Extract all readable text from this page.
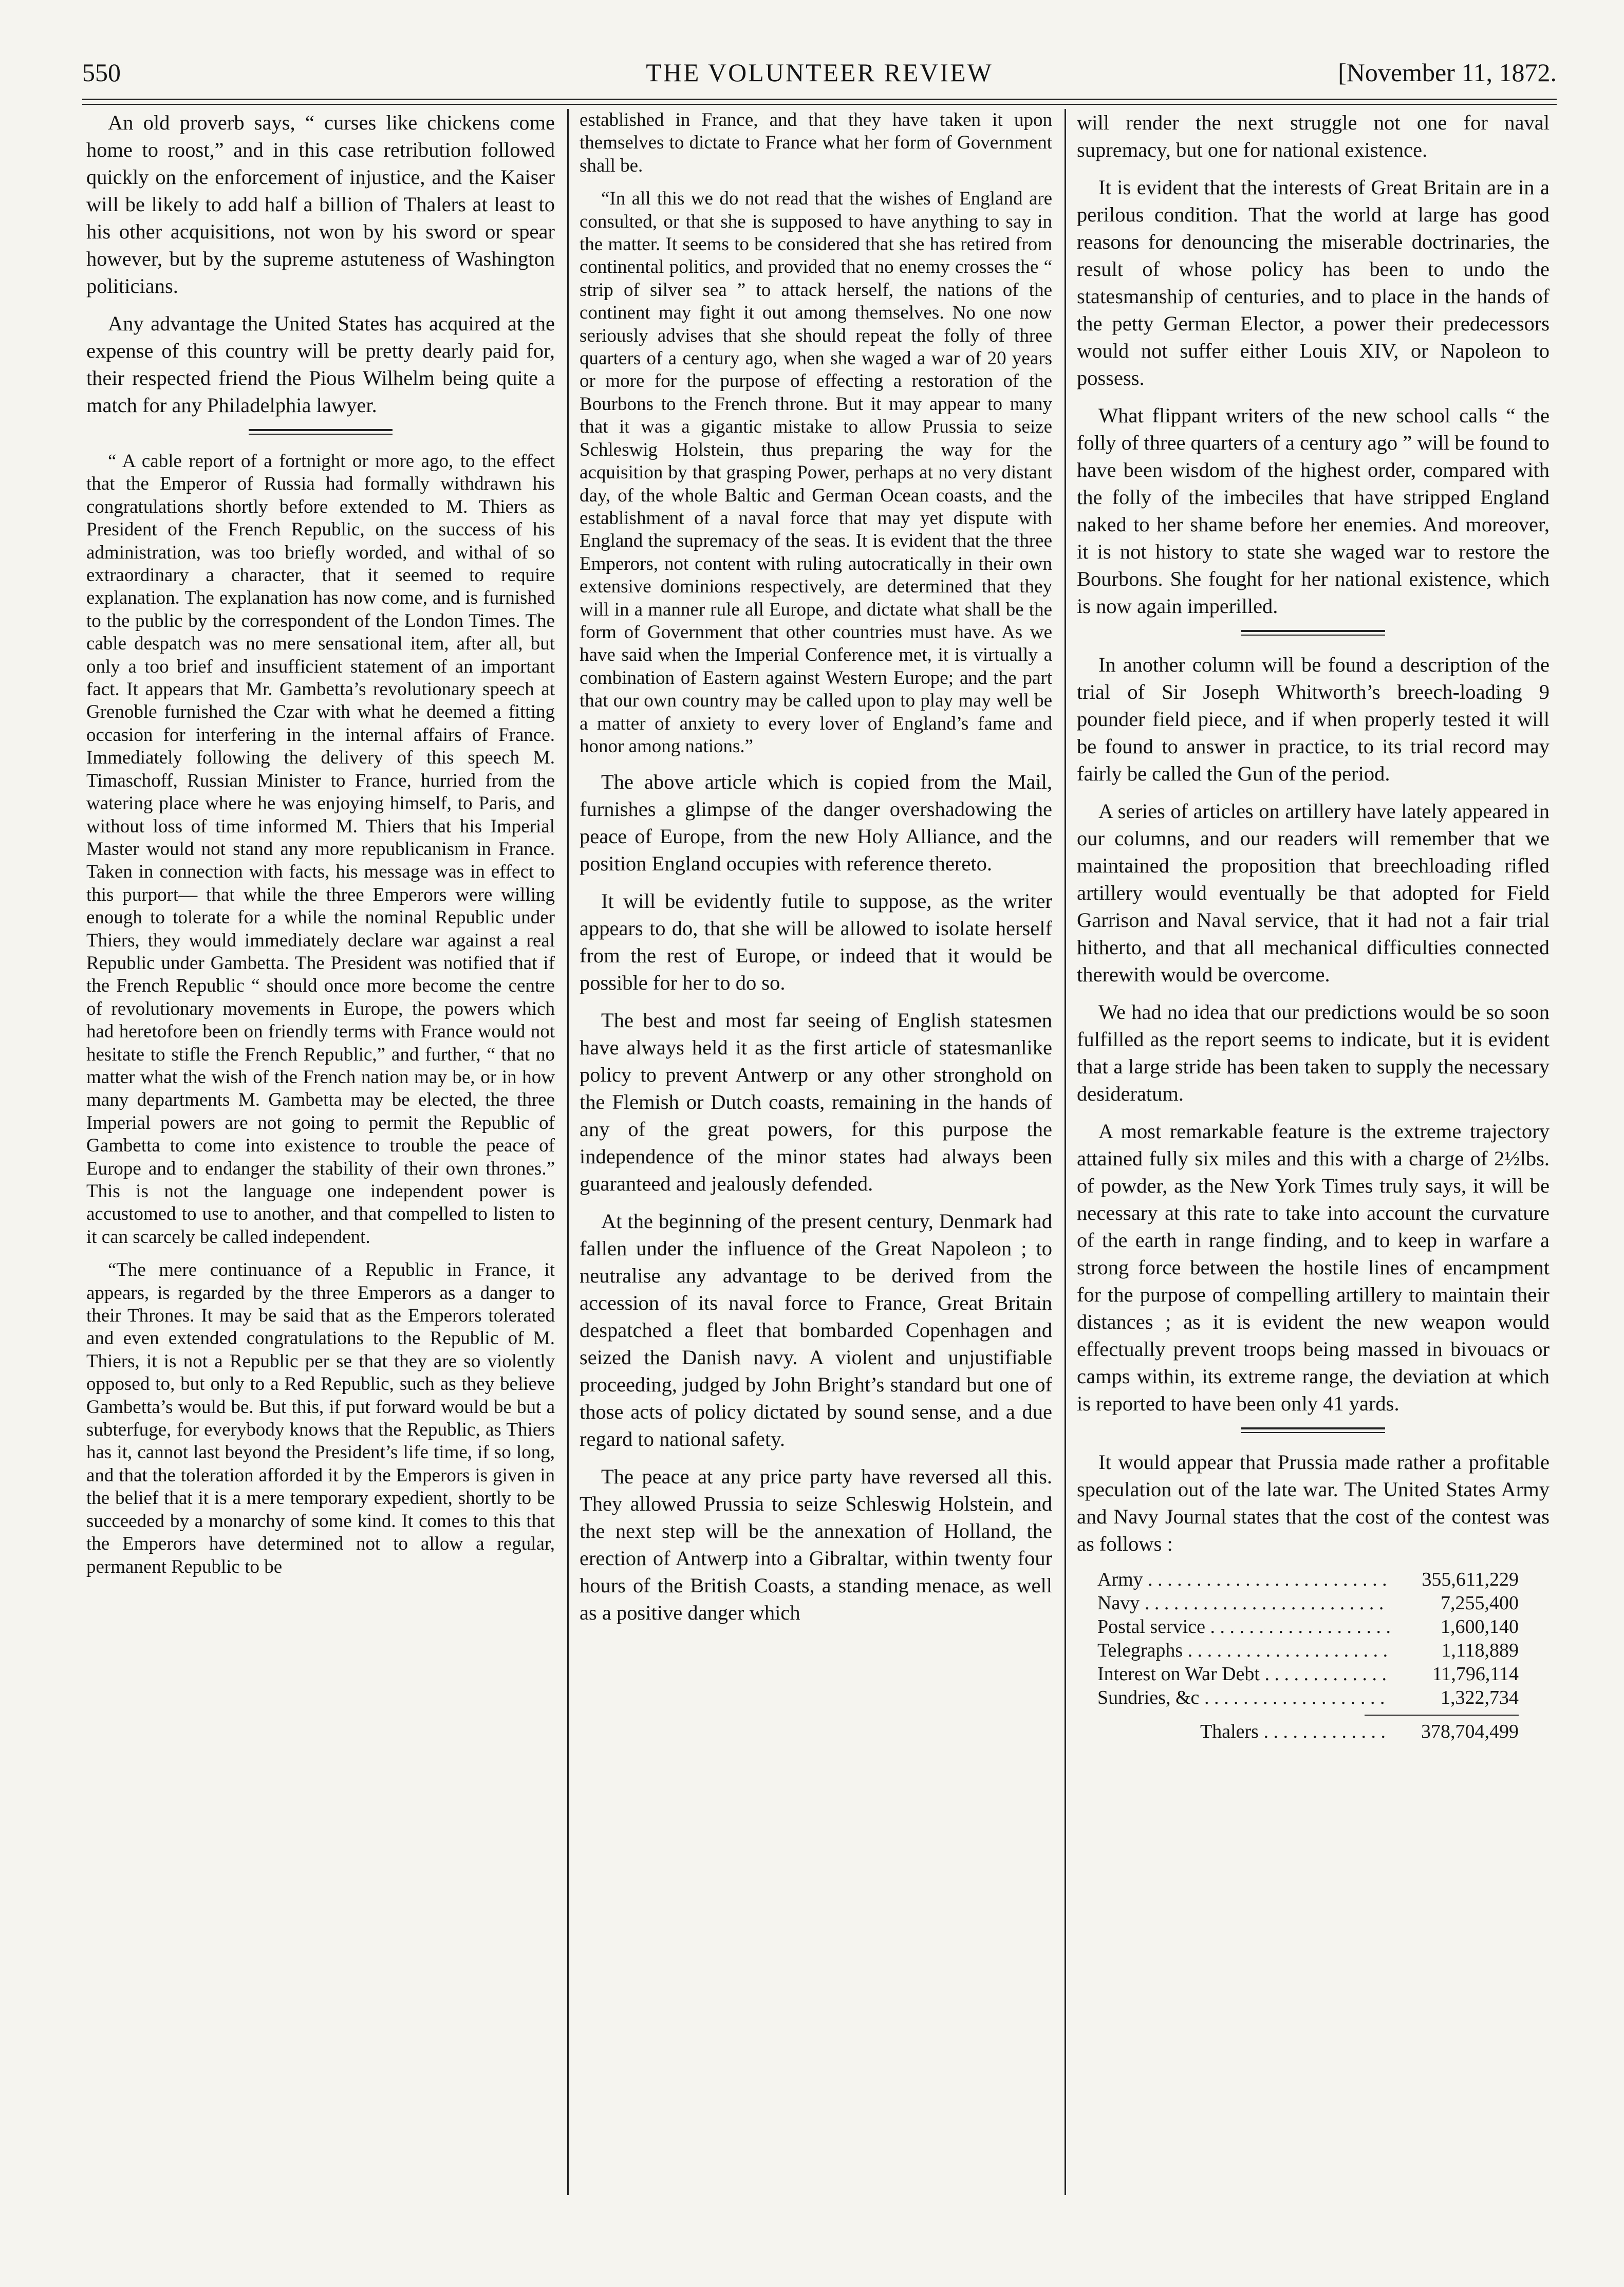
550	THE VOLUNTEER REVIEW	[November 11, 1872.

An old proverb says, “ curses like chickens come home to roost,” and in this case retribution followed quickly on the enforcement of injustice, and the Kaiser will be likely to add half a billion of Thalers at least to his other acquisitions, not won by his sword or spear however, but by the supreme astuteness of Washington politicians.

Any advantage the United States has acquired at the expense of this country will be pretty dearly paid for, their respected friend the Pious Wilhelm being quite a match for any Philadelphia lawyer.

“ A cable report of a fortnight or more ago, to the effect that the Emperor of Russia had formally withdrawn his congratulations shortly before extended to M. Thiers as President of the French Republic, on the success of his administration, was too briefly worded, and withal of so extraordinary a character, that it seemed to require explanation. The explanation has now come, and is furnished to the public by the correspondent of the London Times. The cable despatch was no mere sensational item, after all, but only a too brief and insufficient statement of an important fact. It appears that Mr. Gambetta’s revolutionary speech at Grenoble furnished the Czar with what he deemed a fitting occasion for interfering in the internal affairs of France. Immediately following the delivery of this speech M. Timaschoff, Russian Minister to France, hurried from the watering place where he was enjoying himself, to Paris, and without loss of time informed M. Thiers that his Imperial Master would not stand any more republicanism in France. Taken in connection with facts, his message was in effect to this purport— that while the three Emperors were willing enough to tolerate for a while the nominal Republic under Thiers, they would immediately declare war against a real Republic under Gambetta. The President was notified that if the French Republic “ should once more become the centre of revolutionary movements in Europe, the powers which had heretofore been on friendly terms with France would not hesitate to stifle the French Republic,” and further, “ that no matter what the wish of the French nation may be, or in how many departments M. Gambetta may be elected, the three Imperial powers are not going to permit the Republic of Gambetta to come into existence to trouble the peace of Europe and to endanger the stability of their own thrones.” This is not the language one independent power is accustomed to use to another, and that compelled to listen to it can scarcely be called independent.

“The mere continuance of a Republic in France, it appears, is regarded by the three Emperors as a danger to their Thrones. It may be said that as the Emperors tolerated and even extended congratulations to the Republic of M. Thiers, it is not a Republic per se that they are so violently opposed to, but only to a Red Republic, such as they believe Gambetta’s would be. But this, if put forward would be but a subterfuge, for everybody knows that the Republic, as Thiers has it, cannot last beyond the President’s life time, if so long, and that the toleration afforded it by the Emperors is given in the belief that it is a mere temporary expedient, shortly to be succeeded by a monarchy of some kind. It comes to this that the Emperors have determined not to allow a regular, permanent Republic to be

established in France, and that they have taken it upon themselves to dictate to France what her form of Government shall be.

“In all this we do not read that the wishes of England are consulted, or that she is supposed to have anything to say in the matter. It seems to be considered that she has retired from continental politics, and provided that no enemy crosses the “ strip of silver sea ” to attack herself, the nations of the continent may fight it out among themselves. No one now seriously advises that she should repeat the folly of three quarters of a century ago, when she waged a war of 20 years or more for the purpose of effecting a restoration of the Bourbons to the French throne. But it may appear to many that it was a gigantic mistake to allow Prussia to seize Schleswig Holstein, thus preparing the way for the acquisition by that grasping Power, perhaps at no very distant day, of the whole Baltic and German Ocean coasts, and the establishment of a naval force that may yet dispute with England the supremacy of the seas. It is evident that the three Emperors, not content with ruling autocratically in their own extensive dominions respectively, are determined that they will in a manner rule all Europe, and dictate what shall be the form of Government that other countries must have. As we have said when the Imperial Conference met, it is virtually a combination of Eastern against Western Europe; and the part that our own country may be called upon to play may well be a matter of anxiety to every lover of England’s fame and honor among nations.”

The above article which is copied from the Mail, furnishes a glimpse of the danger overshadowing the peace of Europe, from the new Holy Alliance, and the position England occupies with reference thereto.

It will be evidently futile to suppose, as the writer appears to do, that she will be allowed to isolate herself from the rest of Europe, or indeed that it would be possible for her to do so.

The best and most far seeing of English statesmen have always held it as the first article of statesmanlike policy to prevent Antwerp or any other stronghold on the Flemish or Dutch coasts, remaining in the hands of any of the great powers, for this purpose the independence of the minor states had always been guaranteed and jealously defended.

At the beginning of the present century, Denmark had fallen under the influence of the Great Napoleon ; to neutralise any advantage to be derived from the accession of its naval force to France, Great Britain despatched a fleet that bombarded Copenhagen and seized the Danish navy. A violent and unjustifiable proceeding, judged by John Bright’s standard but one of those acts of policy dictated by sound sense, and a due regard to national safety.

The peace at any price party have reversed all this. They allowed Prussia to seize Schleswig Holstein, and the next step will be the annexation of Holland, the erection of Antwerp into a Gibraltar, within twenty four hours of the British Coasts, a standing menace, as well as a positive danger which

will render the next struggle not one for naval supremacy, but one for national existence.

It is evident that the interests of Great Britain are in a perilous condition. That the world at large has good reasons for denouncing the miserable doctrinaries, the result of whose policy has been to undo the statesmanship of centuries, and to place in the hands of the petty German Elector, a power their predecessors would not suffer either Louis XIV, or Napoleon to possess.

What flippant writers of the new school calls “ the folly of three quarters of a century ago ” will be found to have been wisdom of the highest order, compared with the folly of the imbeciles that have stripped England naked to her shame before her enemies. And moreover, it is not history to state she waged war to restore the Bourbons. She fought for her national existence, which is now again imperilled.

In another column will be found a description of the trial of Sir Joseph Whitworth’s breech-loading 9 pounder field piece, and if when properly tested it will be found to answer in practice, to its trial record may fairly be called the Gun of the period.

A series of articles on artillery have lately appeared in our columns, and our readers will remember that we maintained the proposition that breechloading rifled artillery would eventually be that adopted for Field Garrison and Naval service, that it had not a fair trial hitherto, and that all mechanical difficulties connected therewith would be overcome.

We had no idea that our predictions would be so soon fulfilled as the report seems to indicate, but it is evident that a large stride has been taken to supply the necessary desideratum.

A most remarkable feature is the extreme trajectory attained fully six miles and this with a charge of 2½lbs. of powder, as the New York Times truly says, it will be necessary at this rate to take into account the curvature of the earth in range finding, and to keep in warfare a strong force between the hostile lines of encampment for the purpose of compelling artillery to maintain their distances ; as it is evident the new weapon would effectually prevent troops being massed in bivouacs or camps within, its extreme range, the deviation at which is reported to have been only 41 yards.

It would appear that Prussia made rather a profitable speculation out of the late war. The United States Army and Navy Journal states that the cost of the contest was as follows :

Army . . .	355,611,229
Navy . . .	7,255,400
Postal service . . .	1,600,140
Telegraphs . . .	1,118,889
Interest on War Debt . . .	11,796,114
Sundries, &c . . .	1,322,734
Thalers . . .	378,704,499
